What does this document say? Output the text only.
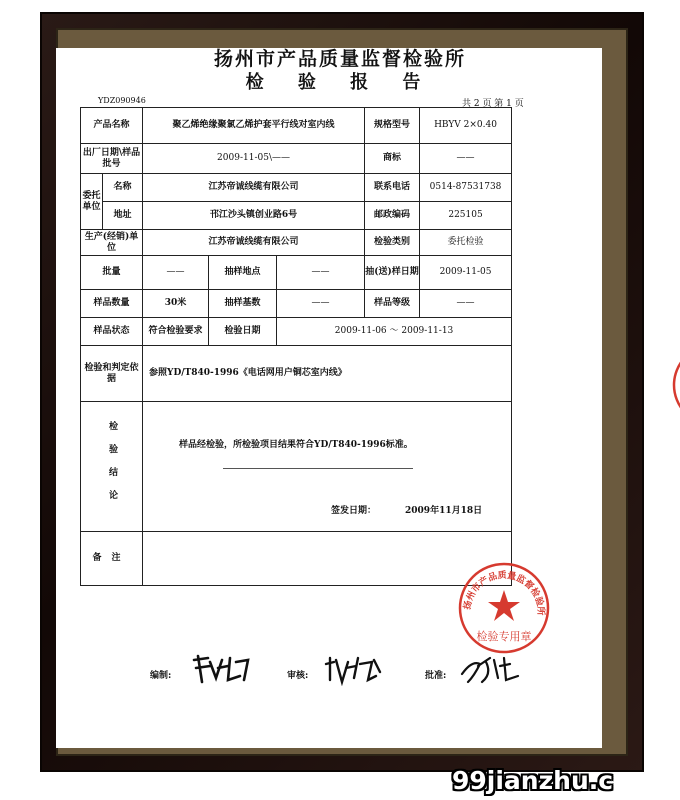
扬州市产品质量监督检验所
检 验 报 告
YDZ090946	共 2 页 第 1 页
产品名称		聚乙烯绝缘聚氯乙烯护套平行线对室内线			规格型号	HBYV 2×0.40
出厂日期\样品批号		2009-11-05\——			商标	——
委托单位	名称	江苏帝诚线缆有限公司			联系电话	0514-87531738
	地址	邗江沙头镇创业路6号			邮政编码	225105
生产(经销)单位		江苏帝诚线缆有限公司			检验类别	委托检验
批量		——	抽样地点	——	抽(送)样日期	2009-11-05
样品数量		30米	抽样基数	——	样品等级	——
样品状态		符合检验要求	检验日期	2009-11-06 ～ 2009-11-13		
检验和判定依据		参照YD/T840-1996《电话网用户铜芯室内线》				
检验结论		样品经检验，所检验项目结果符合YD/T840-1996标准。
签发日期： 2009年11月18日				

备注						
扬州市产品质量监督检验所
检验专用章
编制:	审核:	批准:
99jianzhu.c
